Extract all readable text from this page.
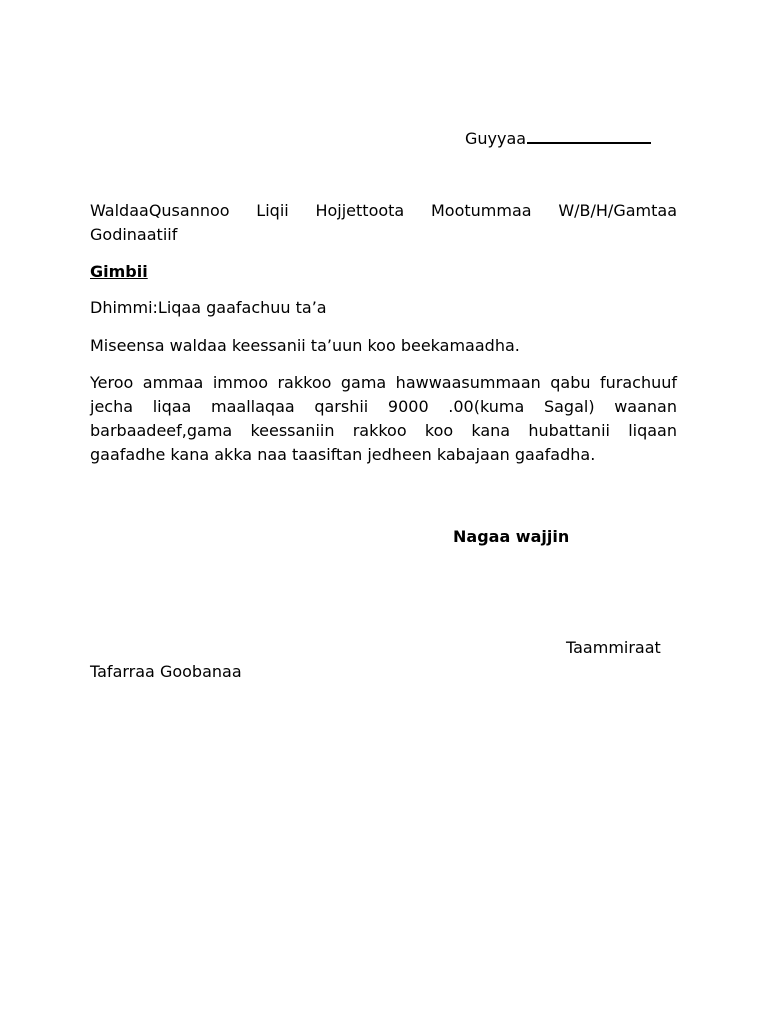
Guyyaa
WaldaaQusannoo Liqii Hojjettoota Mootummaa W/B/H/Gamtaa Godinaatiif
Gimbii
Dhimmi:Liqaa gaafachuu ta’a
Miseensa waldaa keessanii ta’uun koo beekamaadha.
Yeroo ammaa immoo rakkoo gama hawwaasummaan qabu furachuuf jecha liqaa maallaqaa qarshii 9000 .00(kuma Sagal) waanan barbaadeef,gama keessaniin rakkoo koo kana hubattanii liqaan gaafadhe kana akka naa taasiftan jedheen kabajaan gaafadha.
Nagaa wajjin
Taammiraat
Tafarraa Goobanaa
